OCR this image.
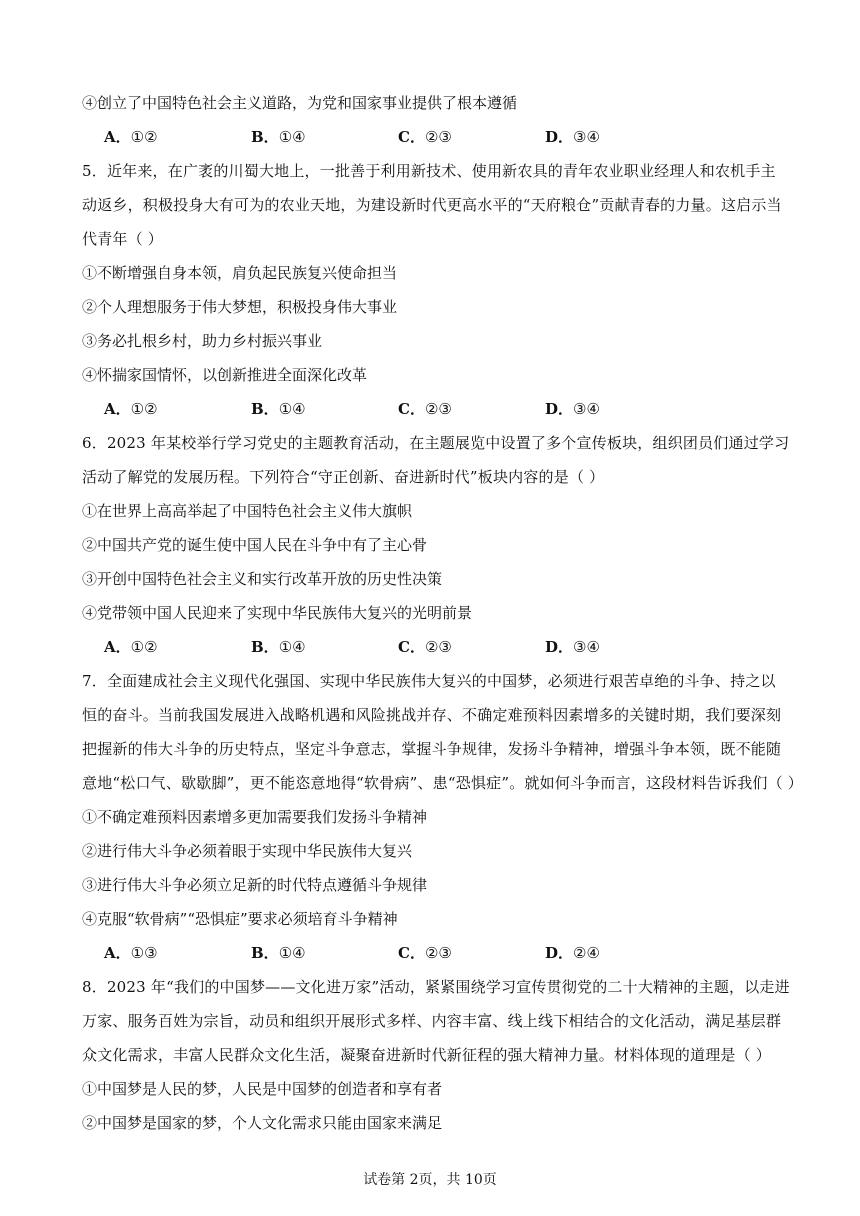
④创立了中国特色社会主义道路，为党和国家事业提供了根本遵循
A．①②	B．①④	C．②③	D．③④
5．近年来，在广袤的川蜀大地上，一批善于利用新技术、使用新农具的青年农业职业经理人和农机手主
动返乡，积极投身大有可为的农业天地，为建设新时代更高水平的“天府粮仓”贡献青春的力量。这启示当
代青年（ ）
①不断增强自身本领，肩负起民族复兴使命担当
②个人理想服务于伟大梦想，积极投身伟大事业
③务必扎根乡村，助力乡村振兴事业
④怀揣家国情怀，以创新推进全面深化改革
A．①②	B．①④	C．②③	D．③④
6．2023 年某校举行学习党史的主题教育活动，在主题展览中设置了多个宣传板块，组织团员们通过学习
活动了解党的发展历程。下列符合“守正创新、奋进新时代”板块内容的是（ ）
①在世界上高高举起了中国特色社会主义伟大旗帜
②中国共产党的诞生使中国人民在斗争中有了主心骨
③开创中国特色社会主义和实行改革开放的历史性决策
④党带领中国人民迎来了实现中华民族伟大复兴的光明前景
A．①②	B．①④	C．②③	D．③④
7．全面建成社会主义现代化强国、实现中华民族伟大复兴的中国梦，必须进行艰苦卓绝的斗争、持之以
恒的奋斗。当前我国发展进入战略机遇和风险挑战并存、不确定难预料因素增多的关键时期，我们要深刻
把握新的伟大斗争的历史特点，坚定斗争意志，掌握斗争规律，发扬斗争精神，增强斗争本领，既不能随
意地“松口气、歇歇脚”，更不能恣意地得“软骨病”、患“恐惧症”。就如何斗争而言，这段材料告诉我们（ ）
①不确定难预料因素增多更加需要我们发扬斗争精神
②进行伟大斗争必须着眼于实现中华民族伟大复兴
③进行伟大斗争必须立足新的时代特点遵循斗争规律
④克服“软骨病”“恐惧症”要求必须培育斗争精神
A．①③	B．①④	C．②③	D．②④
8．2023 年“我们的中国梦——文化进万家”活动，紧紧围绕学习宣传贯彻党的二十大精神的主题，以走进
万家、服务百姓为宗旨，动员和组织开展形式多样、内容丰富、线上线下相结合的文化活动，满足基层群
众文化需求，丰富人民群众文化生活，凝聚奋进新时代新征程的强大精神力量。材料体现的道理是（ ）
①中国梦是人民的梦，人民是中国梦的创造者和享有者
②中国梦是国家的梦，个人文化需求只能由国家来满足
试卷第 2页，共 10页
